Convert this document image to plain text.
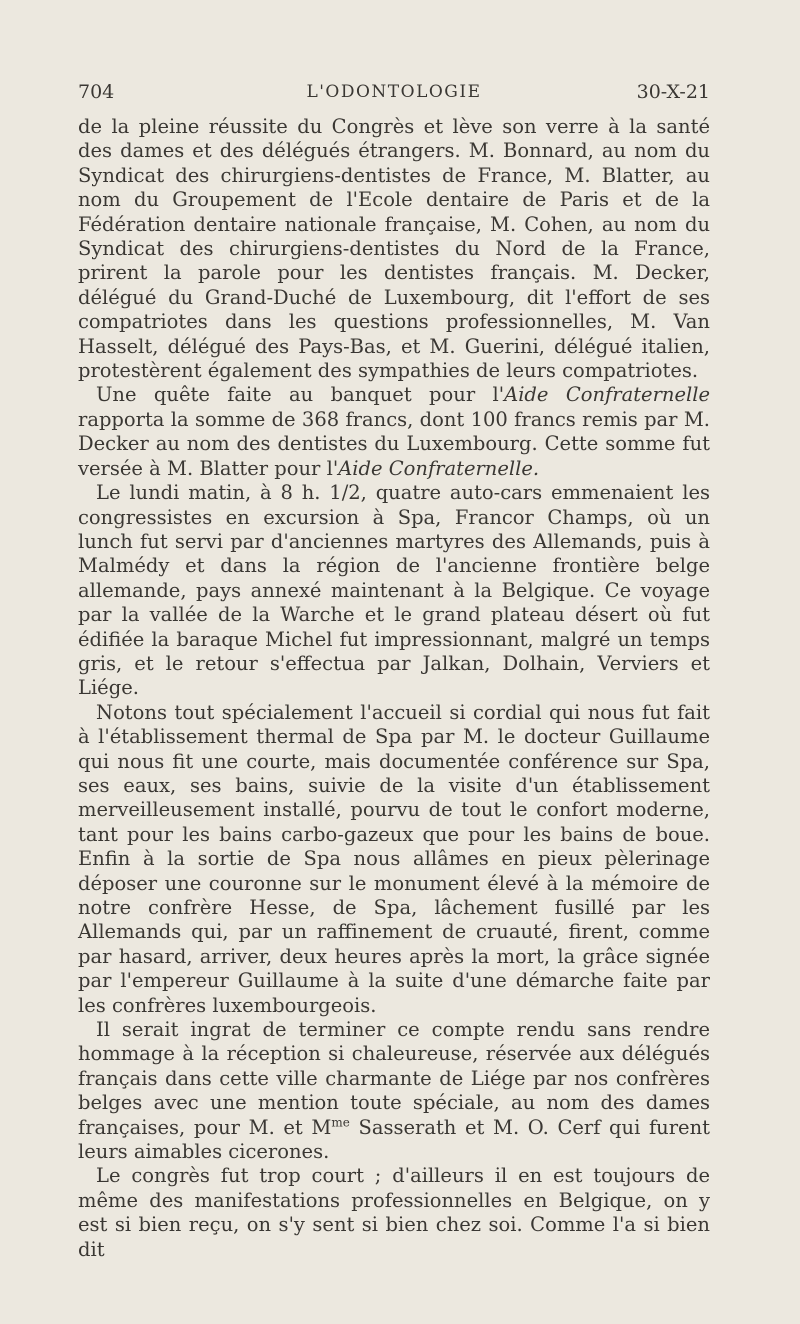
704	L'ODONTOLOGIE	30-X-21

de la pleine réussite du Congrès et lève son verre à la santé des dames et des délégués étrangers. M. Bonnard, au nom du Syndicat des chirurgiens-dentistes de France, M. Blatter, au nom du Groupement de l'Ecole dentaire de Paris et de la Fédération dentaire nationale française, M. Cohen, au nom du Syndicat des chirurgiens-dentistes du Nord de la France, prirent la parole pour les dentistes français. M. Decker, délégué du Grand-Duché de Luxembourg, dit l'effort de ses compatriotes dans les questions professionnelles, M. Van Hasselt, délégué des Pays-Bas, et M. Guerini, délégué italien, protestèrent également des sympathies de leurs compatriotes.

Une quête faite au banquet pour l'Aide Confraternelle rapporta la somme de 368 francs, dont 100 francs remis par M. Decker au nom des dentistes du Luxembourg. Cette somme fut versée à M. Blatter pour l'Aide Confraternelle.

Le lundi matin, à 8 h. 1/2, quatre auto-cars emmenaient les congressistes en excursion à Spa, Francor Champs, où un lunch fut servi par d'anciennes martyres des Allemands, puis à Malmédy et dans la région de l'ancienne frontière belge allemande, pays annexé maintenant à la Belgique. Ce voyage par la vallée de la Warche et le grand plateau désert où fut édifiée la baraque Michel fut impressionnant, malgré un temps gris, et le retour s'effectua par Jalkan, Dolhain, Verviers et Liége.

Notons tout spécialement l'accueil si cordial qui nous fut fait à l'établissement thermal de Spa par M. le docteur Guillaume qui nous fit une courte, mais documentée conférence sur Spa, ses eaux, ses bains, suivie de la visite d'un établissement merveilleusement installé, pourvu de tout le confort moderne, tant pour les bains carbo-gazeux que pour les bains de boue. Enfin à la sortie de Spa nous allâmes en pieux pèlerinage déposer une couronne sur le monument élevé à la mémoire de notre confrère Hesse, de Spa, lâchement fusillé par les Allemands qui, par un raffinement de cruauté, firent, comme par hasard, arriver, deux heures après la mort, la grâce signée par l'empereur Guillaume à la suite d'une démarche faite par les confrères luxembourgeois.

Il serait ingrat de terminer ce compte rendu sans rendre hommage à la réception si chaleureuse, réservée aux délégués français dans cette ville charmante de Liége par nos confrères belges avec une mention toute spéciale, au nom des dames françaises, pour M. et $M^{me}$ Sasserath et M. O. Cerf qui furent leurs aimables cicerones.

Le congrès fut trop court ; d'ailleurs il en est toujours de même des manifestations professionnelles en Belgique, on y est si bien reçu, on s'y sent si bien chez soi. Comme l'a si bien dit
